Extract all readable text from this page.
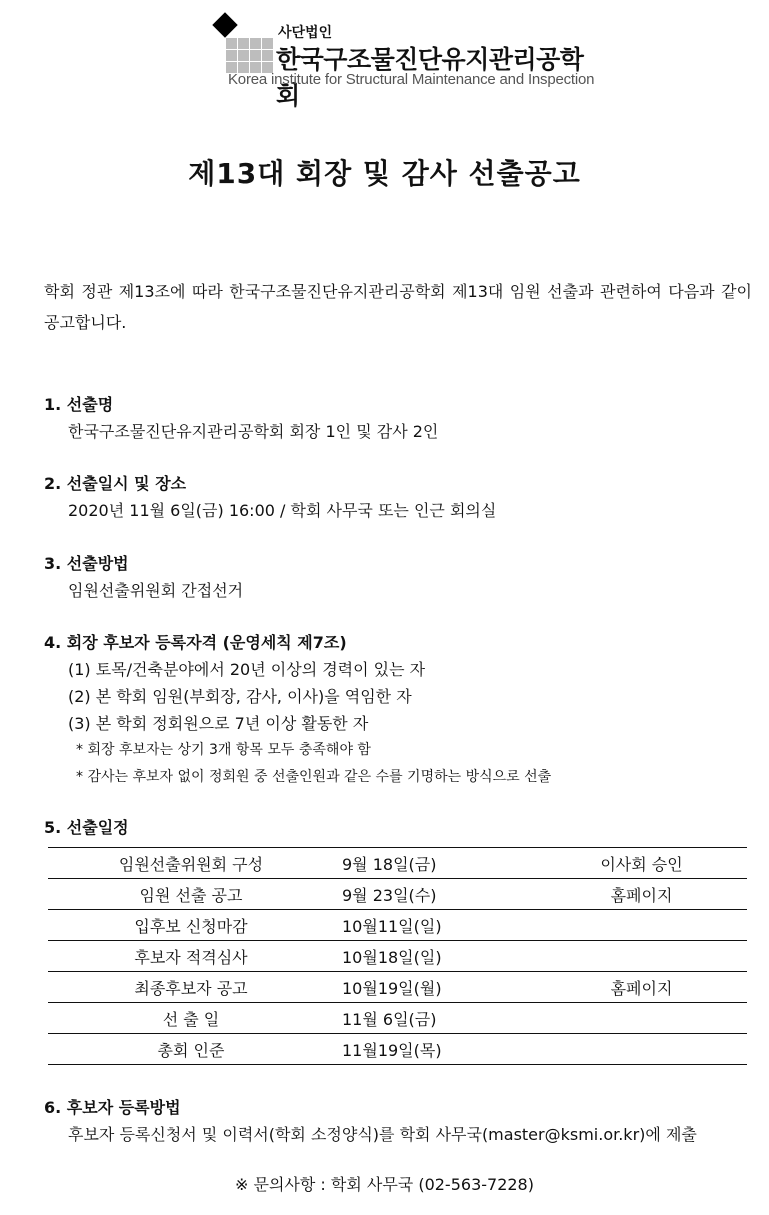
사단법인
한국구조물진단유지관리공학회
Korea institute for Structural Maintenance and Inspection
제13대 회장 및 감사 선출공고

학회 정관 제13조에 따라 한국구조물진단유지관리공학회 제13대 임원 선출과 관련하여 다음과 같이 공고합니다.

1. 선출명

한국구조물진단유지관리공학회 회장 1인 및 감사 2인

2. 선출일시 및 장소

2020년 11월 6일(금) 16:00 / 학회 사무국 또는 인근 회의실

3. 선출방법

임원선출위원회 간접선거

4. 회장 후보자 등록자격 (운영세칙 제7조)

(1) 토목/건축분야에서 20년 이상의 경력이 있는 자

(2) 본 학회 임원(부회장, 감사, 이사)을 역임한 자

(3) 본 학회 정회원으로 7년 이상 활동한 자

* 회장 후보자는 상기 3개 항목 모두 충족해야 함

* 감사는 후보자 없이 정회원 중 선출인원과 같은 수를 기명하는 방식으로 선출

5. 선출일정

임원선출위원회 구성	9월 18일(금)	이사회 승인
임원 선출 공고	9월 23일(수)	홈페이지
입후보 신청마감	10월11일(일)	
후보자 적격심사	10월18일(일)	
최종후보자 공고	10월19일(월)	홈페이지
선 출 일	11월 6일(금)	
총회 인준	11월19일(목)	

6. 후보자 등록방법

후보자 등록신청서 및 이력서(학회 소정양식)를 학회 사무국(master@ksmi.or.kr)에 제출

※ 문의사항 : 학회 사무국 (02-563-7228)
